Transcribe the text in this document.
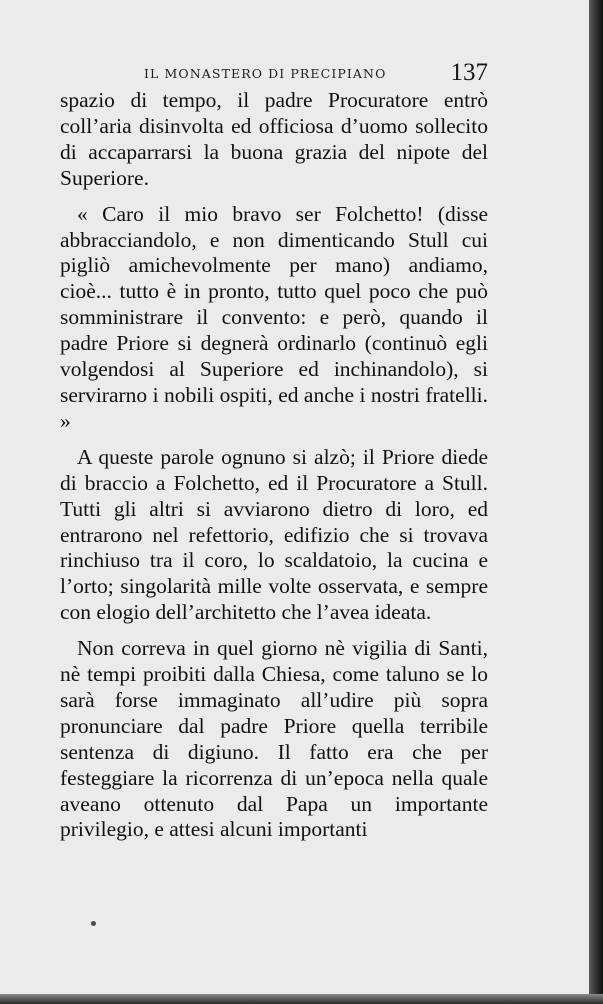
IL MONASTERO DI PRECIPIANO	137

spazio di tempo, il padre Procuratore entrò coll’aria disinvolta ed officiosa d’uomo sollecito di accaparrarsi la buona grazia del nipote del Superiore.

« Caro il mio bravo ser Folchetto! (disse abbracciandolo, e non dimenticando Stull cui pigliò amichevolmente per mano) andiamo, cioè... tutto è in pronto, tutto quel poco che può somministrare il convento: e però, quando il padre Priore si degnerà ordinarlo (continuò egli volgendosi al Superiore ed inchinandolo), si servirarno i nobili ospiti, ed anche i nostri fratelli. »

A queste parole ognuno si alzò; il Priore diede di braccio a Folchetto, ed il Procuratore a Stull. Tutti gli altri si avviarono dietro di loro, ed entrarono nel refettorio, edifizio che si trovava rinchiuso tra il coro, lo scaldatoio, la cucina e l’orto; singolarità mille volte osservata, e sempre con elogio dell’architetto che l’avea ideata.

Non correva in quel giorno nè vigilia di Santi, nè tempi proibiti dalla Chiesa, come taluno se lo sarà forse immaginato all’udire più sopra pronunciare dal padre Priore quella terribile sentenza di digiuno. Il fatto era che per festeggiare la ricorrenza di un’epoca nella quale aveano ottenuto dal Papa un importante privilegio, e attesi alcuni importanti
